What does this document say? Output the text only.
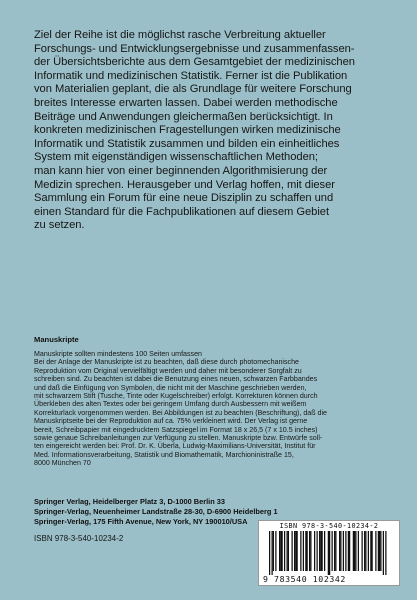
Ziel der Reihe ist die möglichst rasche Verbreitung aktueller
Forschungs- und Entwicklungsergebnisse und zusammenfassen-
der Übersichtsberichte aus dem Gesamtgebiet der medizinischen
Informatik und medizinischen Statistik. Ferner ist die Publikation
von Materialien geplant, die als Grundlage für weitere Forschung
breites Interesse erwarten lassen. Dabei werden methodische
Beiträge und Anwendungen gleichermaßen berücksichtigt. In
konkreten medizinischen Fragestellungen wirken medizinische
Informatik und Statistik zusammen und bilden ein einheitliches
System mit eigenständigen wissenschaftlichen Methoden;
man kann hier von einer beginnenden Algorithmisierung der
Medizin sprechen. Herausgeber und Verlag hoffen, mit dieser
Sammlung ein Forum für eine neue Disziplin zu schaffen und
einen Standard für die Fachpublikationen auf diesem Gebiet
zu setzen.
Manuskripte
Manuskripte sollten mindestens 100 Seiten umfassen
Bei der Anlage der Manuskripte ist zu beachten, daß diese durch photomechanische
Reproduktion vom Original vervielfältigt werden und daher mit besonderer Sorgfalt zu
schreiben sind. Zu beachten ist dabei die Benutzung eines neuen, schwarzen Farbbandes
und daß die Einfügung von Symbolen, die nicht mit der Maschine geschrieben werden,
mit schwarzem Stift (Tusche, Tinte oder Kugelschreiber) erfolgt. Korrekturen können durch
Überkleben des alten Textes oder bei geringem Umfang durch Ausbessern mit weißem
Korrekturlack vorgenommen werden. Bei Abbildungen ist zu beachten (Beschriftung), daß die
Manuskriptseite bei der Reproduktion auf ca. 75% verkleinert wird. Der Verlag ist gerne
bereit, Schreibpapier mit eingedrucktem Satzspiegel im Format 18 x 26,5 (7 x 10.5 inches)
sowie genaue Schreibanleitungen zur Verfügung zu stellen. Manuskripte bzw. Entwürfe soll-
ten eingereicht werden bei: Prof. Dr. K. Überla, Ludwig-Maximilians-Universität, Institut für
Med. Informationsverarbeitung, Statistik und Biomathematik, Marchioninistraße 15,
8000 München 70
Springer Verlag, Heidelberger Platz 3, D-1000 Berlin 33
Springer-Verlag, Neuenheimer Landstraße 28-30, D-6900 Heidelberg 1
Springer-Verlag, 175 Fifth Avenue, New York, NY 190010/USA
ISBN 978-3-540-10234-2
ISBN 978-3-540-10234-2
9 783540 102342
